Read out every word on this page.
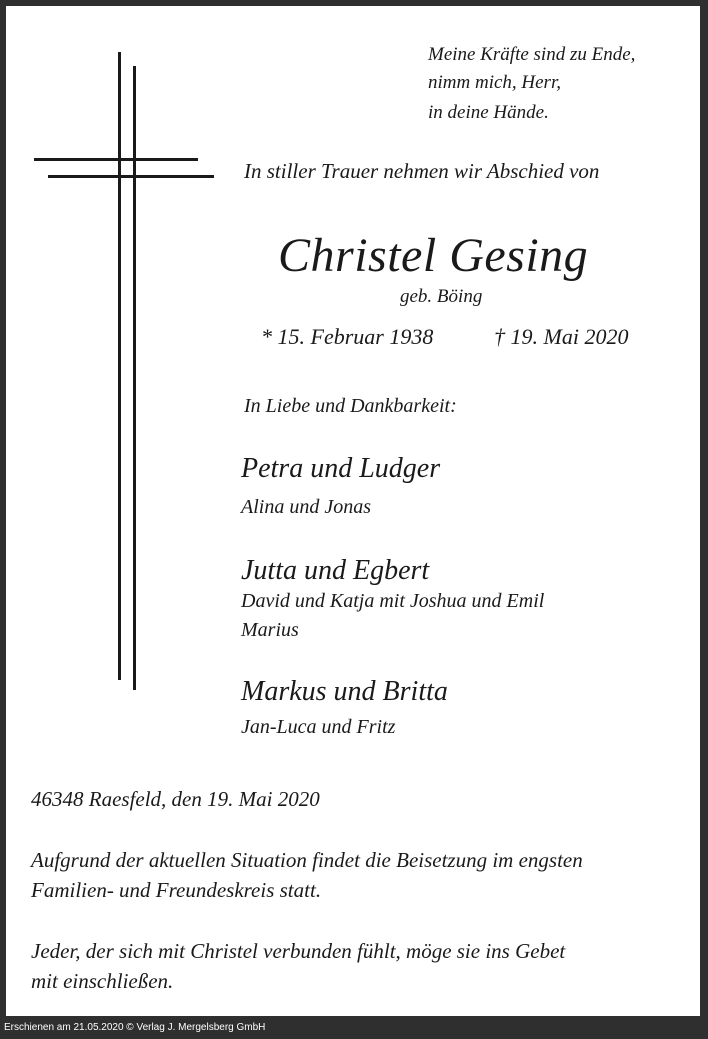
Meine Kräfte sind zu Ende,
nimm mich, Herr,
in deine Hände.
In stiller Trauer nehmen wir Abschied von
Christel Gesing
geb. Böing
* 15. Februar 1938	† 19. Mai 2020
In Liebe und Dankbarkeit:
Petra und Ludger
Alina und Jonas
Jutta und Egbert
David und Katja mit Joshua und Emil
Marius
Markus und Britta
Jan-Luca und Fritz
46348 Raesfeld, den 19. Mai 2020
Aufgrund der aktuellen Situation findet die Beisetzung im engsten
Familien- und Freundeskreis statt.
Jeder, der sich mit Christel verbunden fühlt, möge sie ins Gebet
mit einschließen.
Erschienen am 21.05.2020 © Verlag J. Mergelsberg GmbH
